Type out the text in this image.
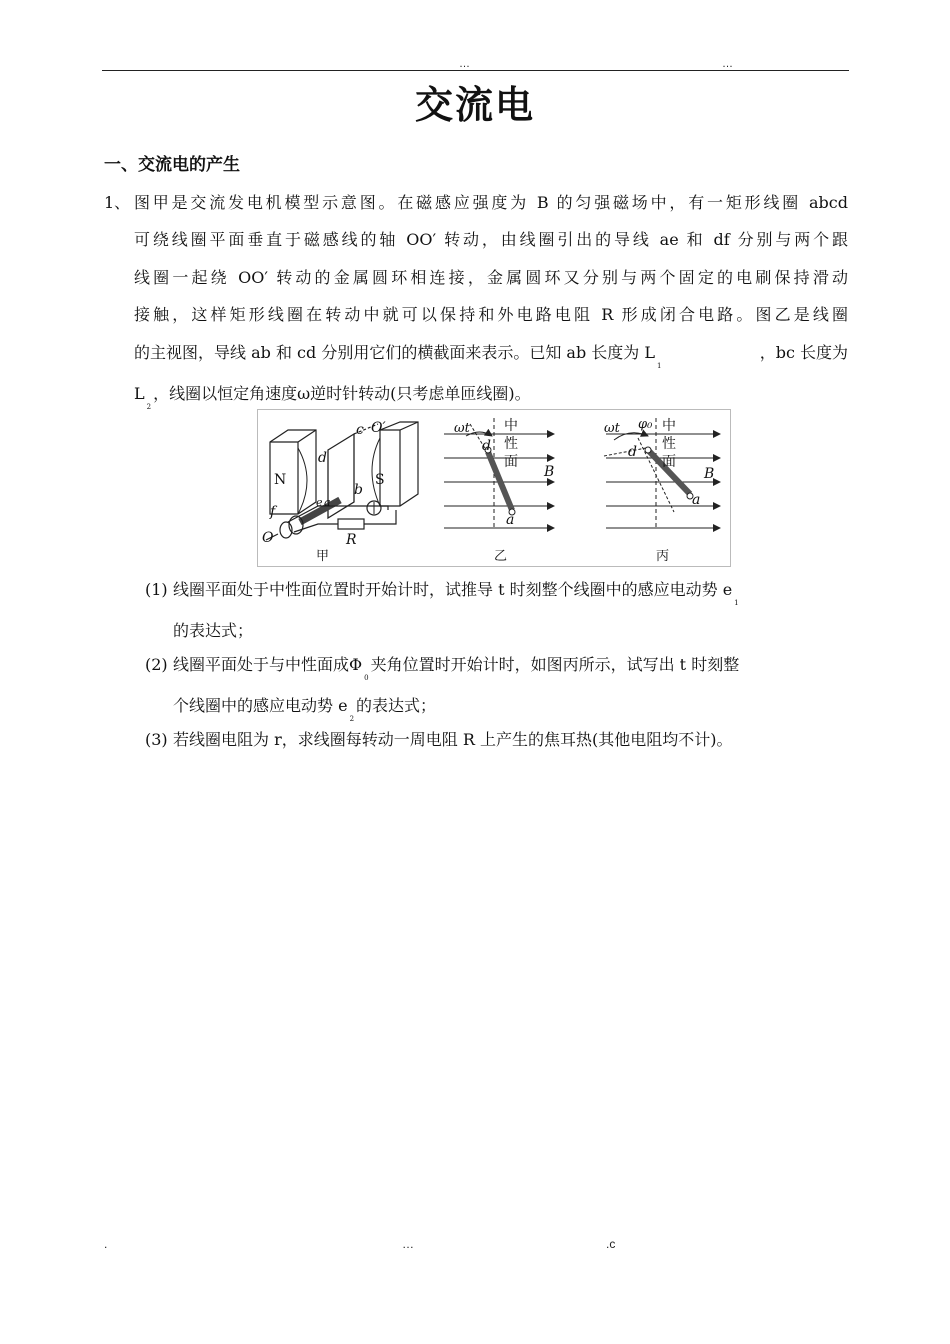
…	…
交流电
一、交流电的产生
1、 图甲是交流发电机模型示意图。在磁感应强度为 B 的匀强磁场中，有一矩形线圈 abcd
可绕线圈平面垂直于磁感线的轴 OO′ 转动，由线圈引出的导线 ae 和 df 分别与两个跟
线圈一起绕 OO′ 转动的金属圆环相连接，金属圆环又分别与两个固定的电刷保持滑动
接触，这样矩形线圈在转动中就可以保持和外电路电阻 R 形成闭合电路。图乙是线圈
的主视图，导线 ab 和 cd 分别用它们的横截面来表示。已知 ab 长度为 $L_1$
，bc 长度为
$L_2$，线圈以恒定角速度ω逆时针转动(只考虑单匝线圈)。
N	S
c O′
d
b
e a
f
O	R
甲
ωt 中
性
面
d
B
a
乙
ωt φ₀ 中
性
面
d
B
a
丙
(1) 线圈平面处于中性面位置时开始计时，试推导 t 时刻整个线圈中的感应电动势 $e_1$
的表达式；
(2) 线圈平面处于与中性面成$\Phi_0$夹角位置时开始计时，如图丙所示，试写出 t 时刻整
个线圈中的感应电动势 $e_2$的表达式；
(3) 若线圈电阻为 r，求线圈每转动一周电阻 R 上产生的焦耳热(其他电阻均不计)。
.	…	.c
